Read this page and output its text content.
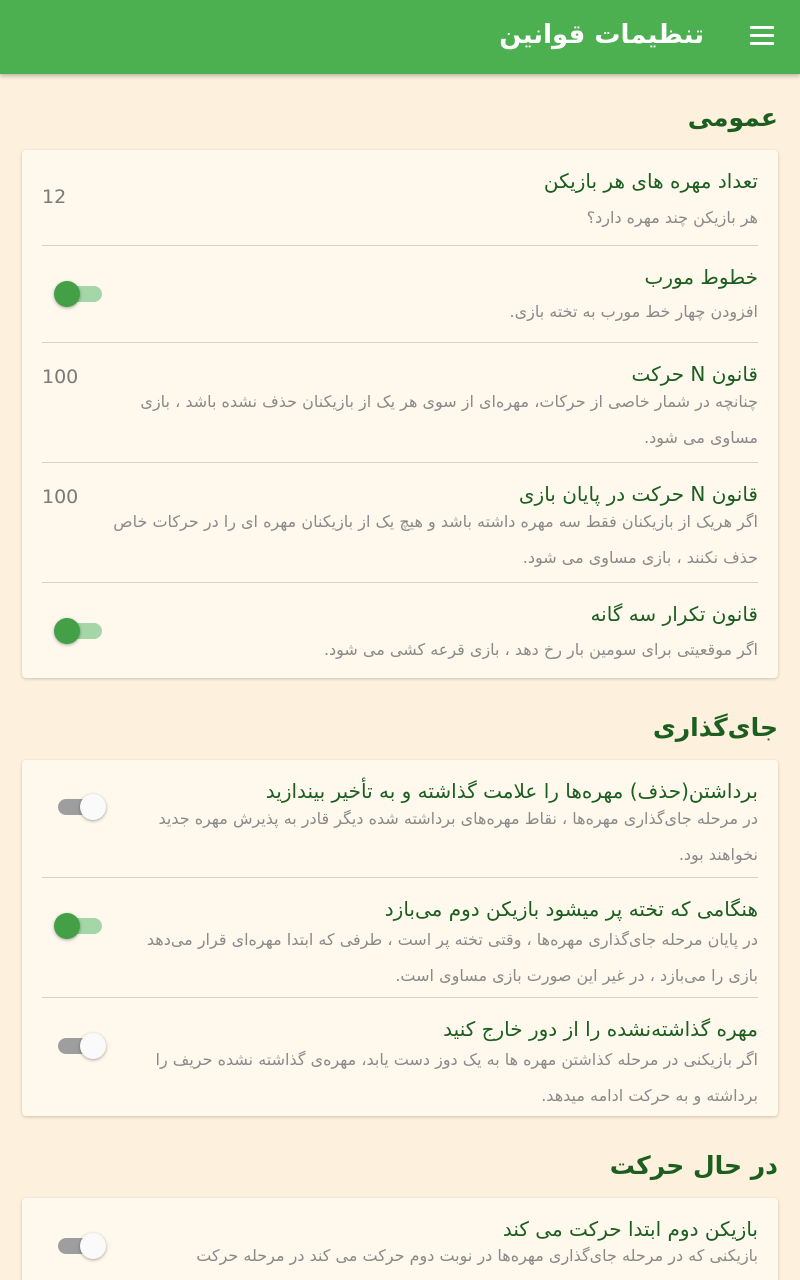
تنظیمات قوانین
عمومی
تعداد مهره های هر بازیکن
هر بازیکن چند مهره دارد؟
12
خطوط مورب
افزودن چهار خط مورب به تخته بازی.
قانون N حرکت
چنانچه در شمار خاصی از حرکات، مهره‌ای از سوی هر یک از بازیکنان حذف نشده باشد ، بازی مساوی می شود.
100
قانون N حرکت در پایان بازی
اگر هریک از بازیکنان فقط سه مهره داشته باشد و هیچ یک از بازیکنان مهره ای را در حرکات خاص حذف نکنند ، بازی مساوی می شود.
100
قانون تکرار سه گانه
اگر موقعیتی برای سومین بار رخ دهد ، بازی قرعه کشی می شود.
جای‌گذاری
برداشتن(حذف) مهره‌ها را علامت گذاشته و به تأخیر بیندازید
در مرحله جای‌گذاری مهره‌ها ، نقاط مهره‌های برداشته شده دیگر قادر به پذیرش مهره جدید نخواهند بود.
هنگامی که تخته پر میشود بازیکن دوم می‌بازد
در پایان مرحله جای‌گذاری مهره‌ها ، وقتی تخته پر است ، طرفی که ابتدا مهره‌ای قرار می‌دهد بازی را می‌بازد ، در غیر این صورت بازی مساوی است.
مهره گذاشته‌نشده را از دور خارج کنید
اگر بازیکنی در مرحله کذاشتن مهره ها به یک دوز دست یابد، مهره‌ی گذاشته نشده حریف را برداشته و به حرکت ادامه میدهد.
در حال حرکت
بازیکن دوم ابتدا حرکت می کند
بازیکنی که در مرحله جای‌گذاری مهره‌ها در نوبت دوم حرکت می کند در مرحله حرکت
